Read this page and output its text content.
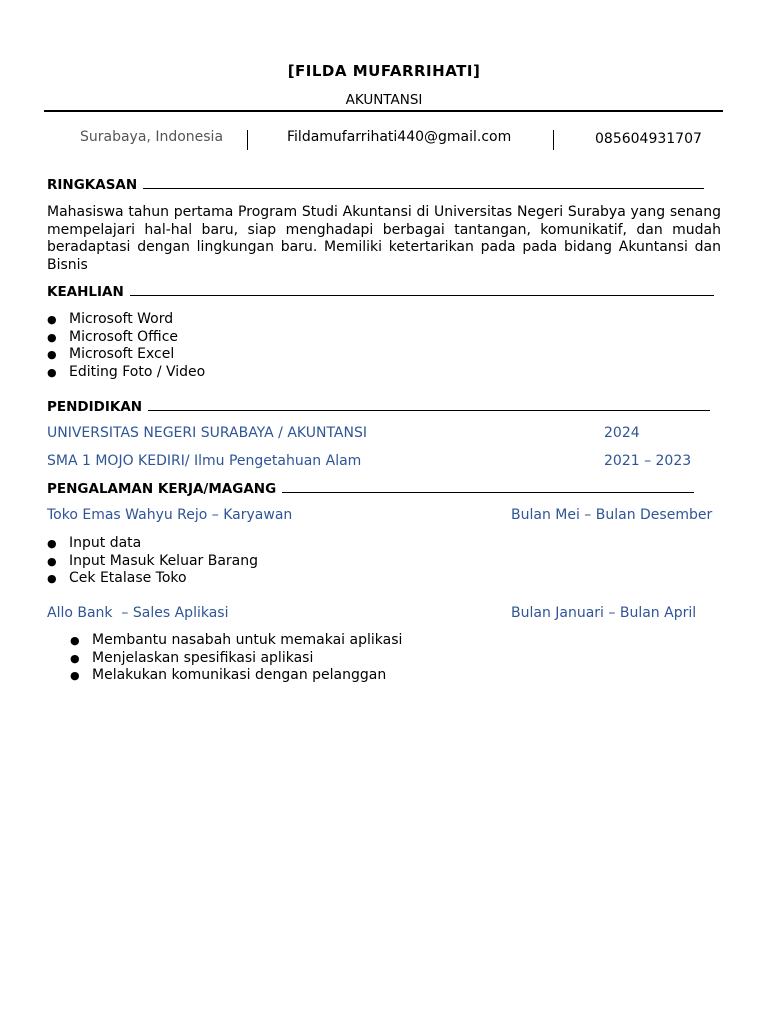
[FILDA MUFARRIHATI]
AKUNTANSI
Surabaya, Indonesia	Fildamufarrihati440@gmail.com	085604931707
RINGKASAN

Mahasiswa tahun pertama Program Studi Akuntansi di Universitas Negeri Surabya yang senang mempelajari hal-hal baru, siap menghadapi berbagai tantangan, komunikatif, dan mudah beradaptasi dengan lingkungan baru. Memiliki ketertarikan pada pada bidang Akuntansi dan Bisnis

KEAHLIAN
● Microsoft Word
● Microsoft Office
● Microsoft Excel
● Editing Foto / Video
PENDIDIKAN
UNIVERSITAS NEGERI SURABAYA / AKUNTANSI	2024
SMA 1 MOJO KEDIRI/ Ilmu Pengetahuan Alam	2021 – 2023
PENGALAMAN KERJA/MAGANG
Toko Emas Wahyu Rejo – Karyawan	Bulan Mei – Bulan Desember
● Input data
● Input Masuk Keluar Barang
● Cek Etalase Toko
Allo Bank  – Sales Aplikasi	Bulan Januari – Bulan April
● Membantu nasabah untuk memakai aplikasi
● Menjelaskan spesifikasi aplikasi
● Melakukan komunikasi dengan pelanggan
